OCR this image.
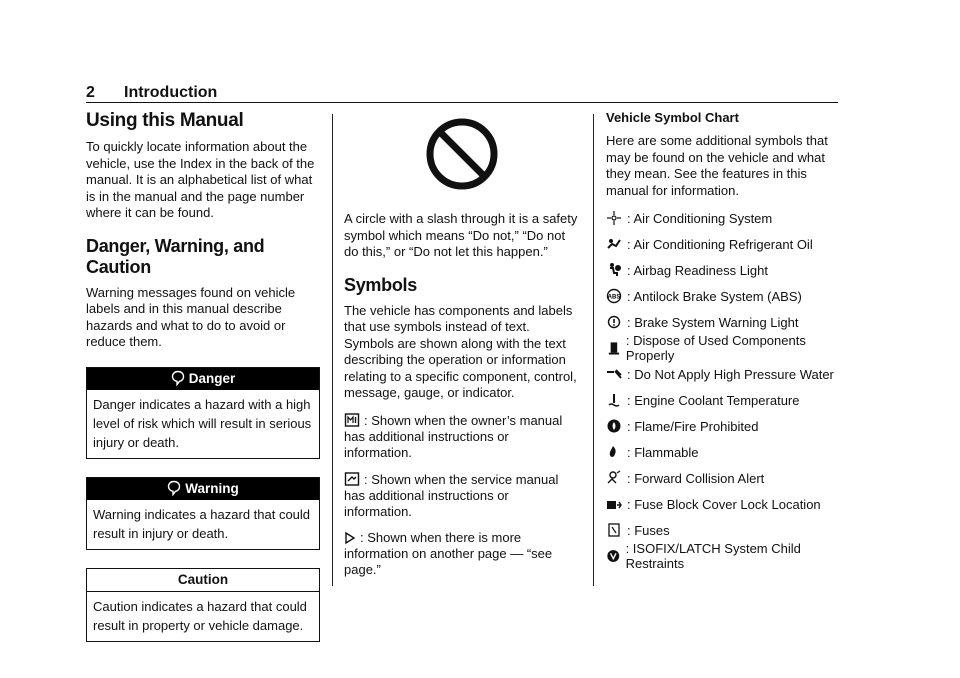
2 Introduction
Using this Manual

To quickly locate information about the vehicle, use the Index in the back of the manual. It is an alphabetical list of what is in the manual and the page number where it can be found.

Danger, Warning, and Caution

Warning messages found on vehicle labels and in this manual describe hazards and what to do to avoid or reduce them.

Danger
Danger indicates a hazard with a high level of risk which will result in serious injury or death.
Warning
Warning indicates a hazard that could result in injury or death.
Caution
Caution indicates a hazard that could result in property or vehicle damage.

A circle with a slash through it is a safety symbol which means “Do not,” “Do not do this,” or “Do not let this happen.”

Symbols

The vehicle has components and labels that use symbols instead of text. Symbols are shown along with the text describing the operation or information relating to a specific component, control, message, gauge, or indicator.

: Shown when the owner’s manual has additional instructions or information.
: Shown when the service manual has additional instructions or information.
: Shown when there is more information on another page — “see page.”
Vehicle Symbol Chart

Here are some additional symbols that may be found on the vehicle and what they mean. See the features in this manual for information.

: Air Conditioning System
: Air Conditioning Refrigerant Oil
: Airbag Readiness Light
ABS : Antilock Brake System (ABS)
: Brake System Warning Light
: Dispose of Used Components Properly
: Do Not Apply High Pressure Water
: Engine Coolant Temperature
: Flame/Fire Prohibited
: Flammable
: Forward Collision Alert
: Fuse Block Cover Lock Location
: Fuses
: ISOFIX/LATCH System Child Restraints
